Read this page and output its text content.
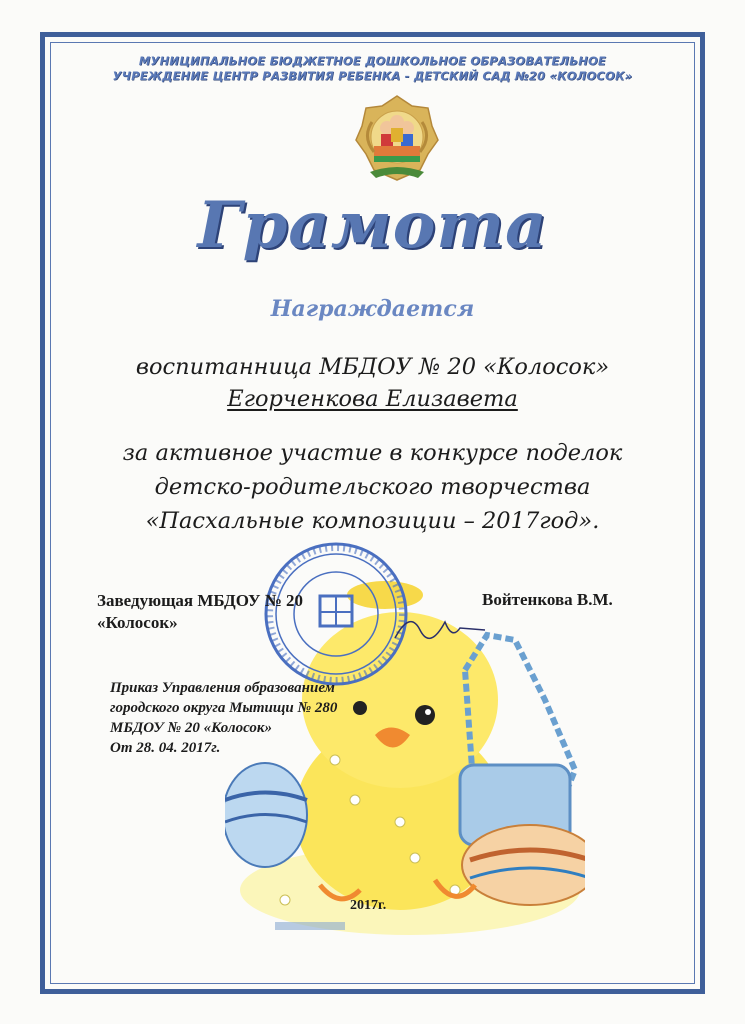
МУНИЦИПАЛЬНОЕ БЮДЖЕТНОЕ ДОШКОЛЬНОЕ ОБРАЗОВАТЕЛЬНОЕ
УЧРЕЖДЕНИЕ ЦЕНТР РАЗВИТИЯ РЕБЕНКА - ДЕТСКИЙ САД №20 «КОЛОСОК»
Грамота
Награждается
воспитанница МБДОУ № 20 «Колосок»
Егорченкова Елизавета
за активное участие в конкурсе поделок
детско-родительского творчества
«Пасхальные композиции – 2017год».
Заведующая МБДОУ № 20
«Колосок»
Войтенкова В.М.
Приказ Управления образованием
городского округа Мытищи № 280
МБДОУ № 20 «Колосок»
От 28. 04. 2017г.
2017г.
